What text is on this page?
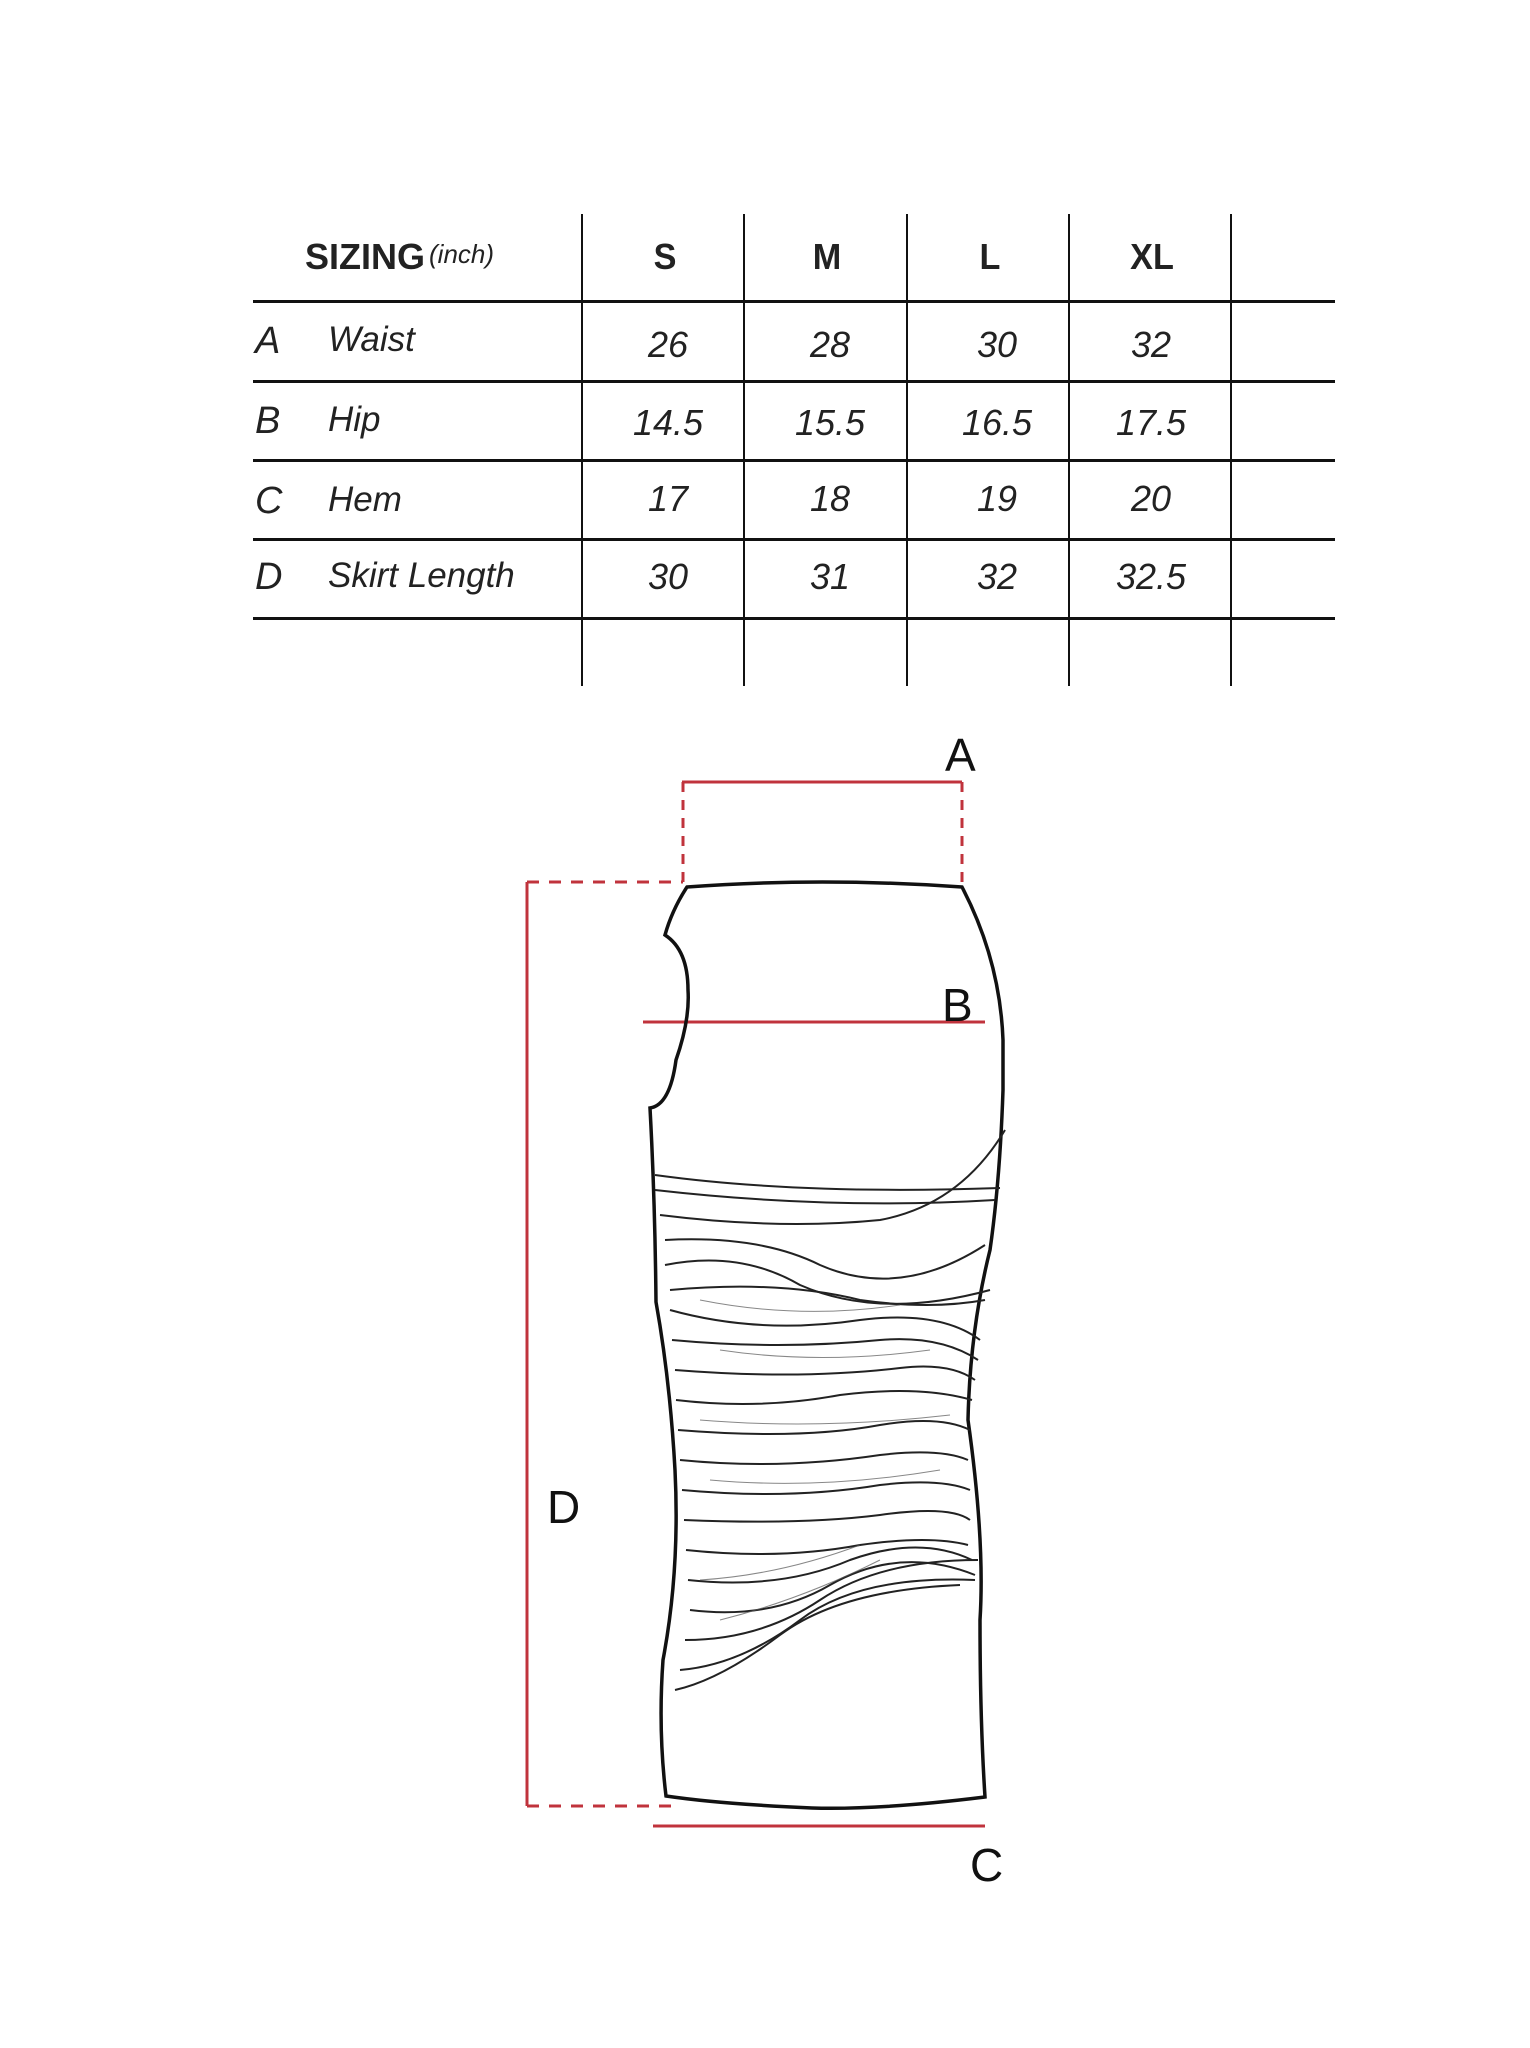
SIZING (inch)	S	M	L	XL
A Waist	26	28	30	32
B Hip	14.5	15.5	16.5	17.5
C Hem	17	18	19	20
D Skirt Length	30	31	32	32.5
A
B
D
C
